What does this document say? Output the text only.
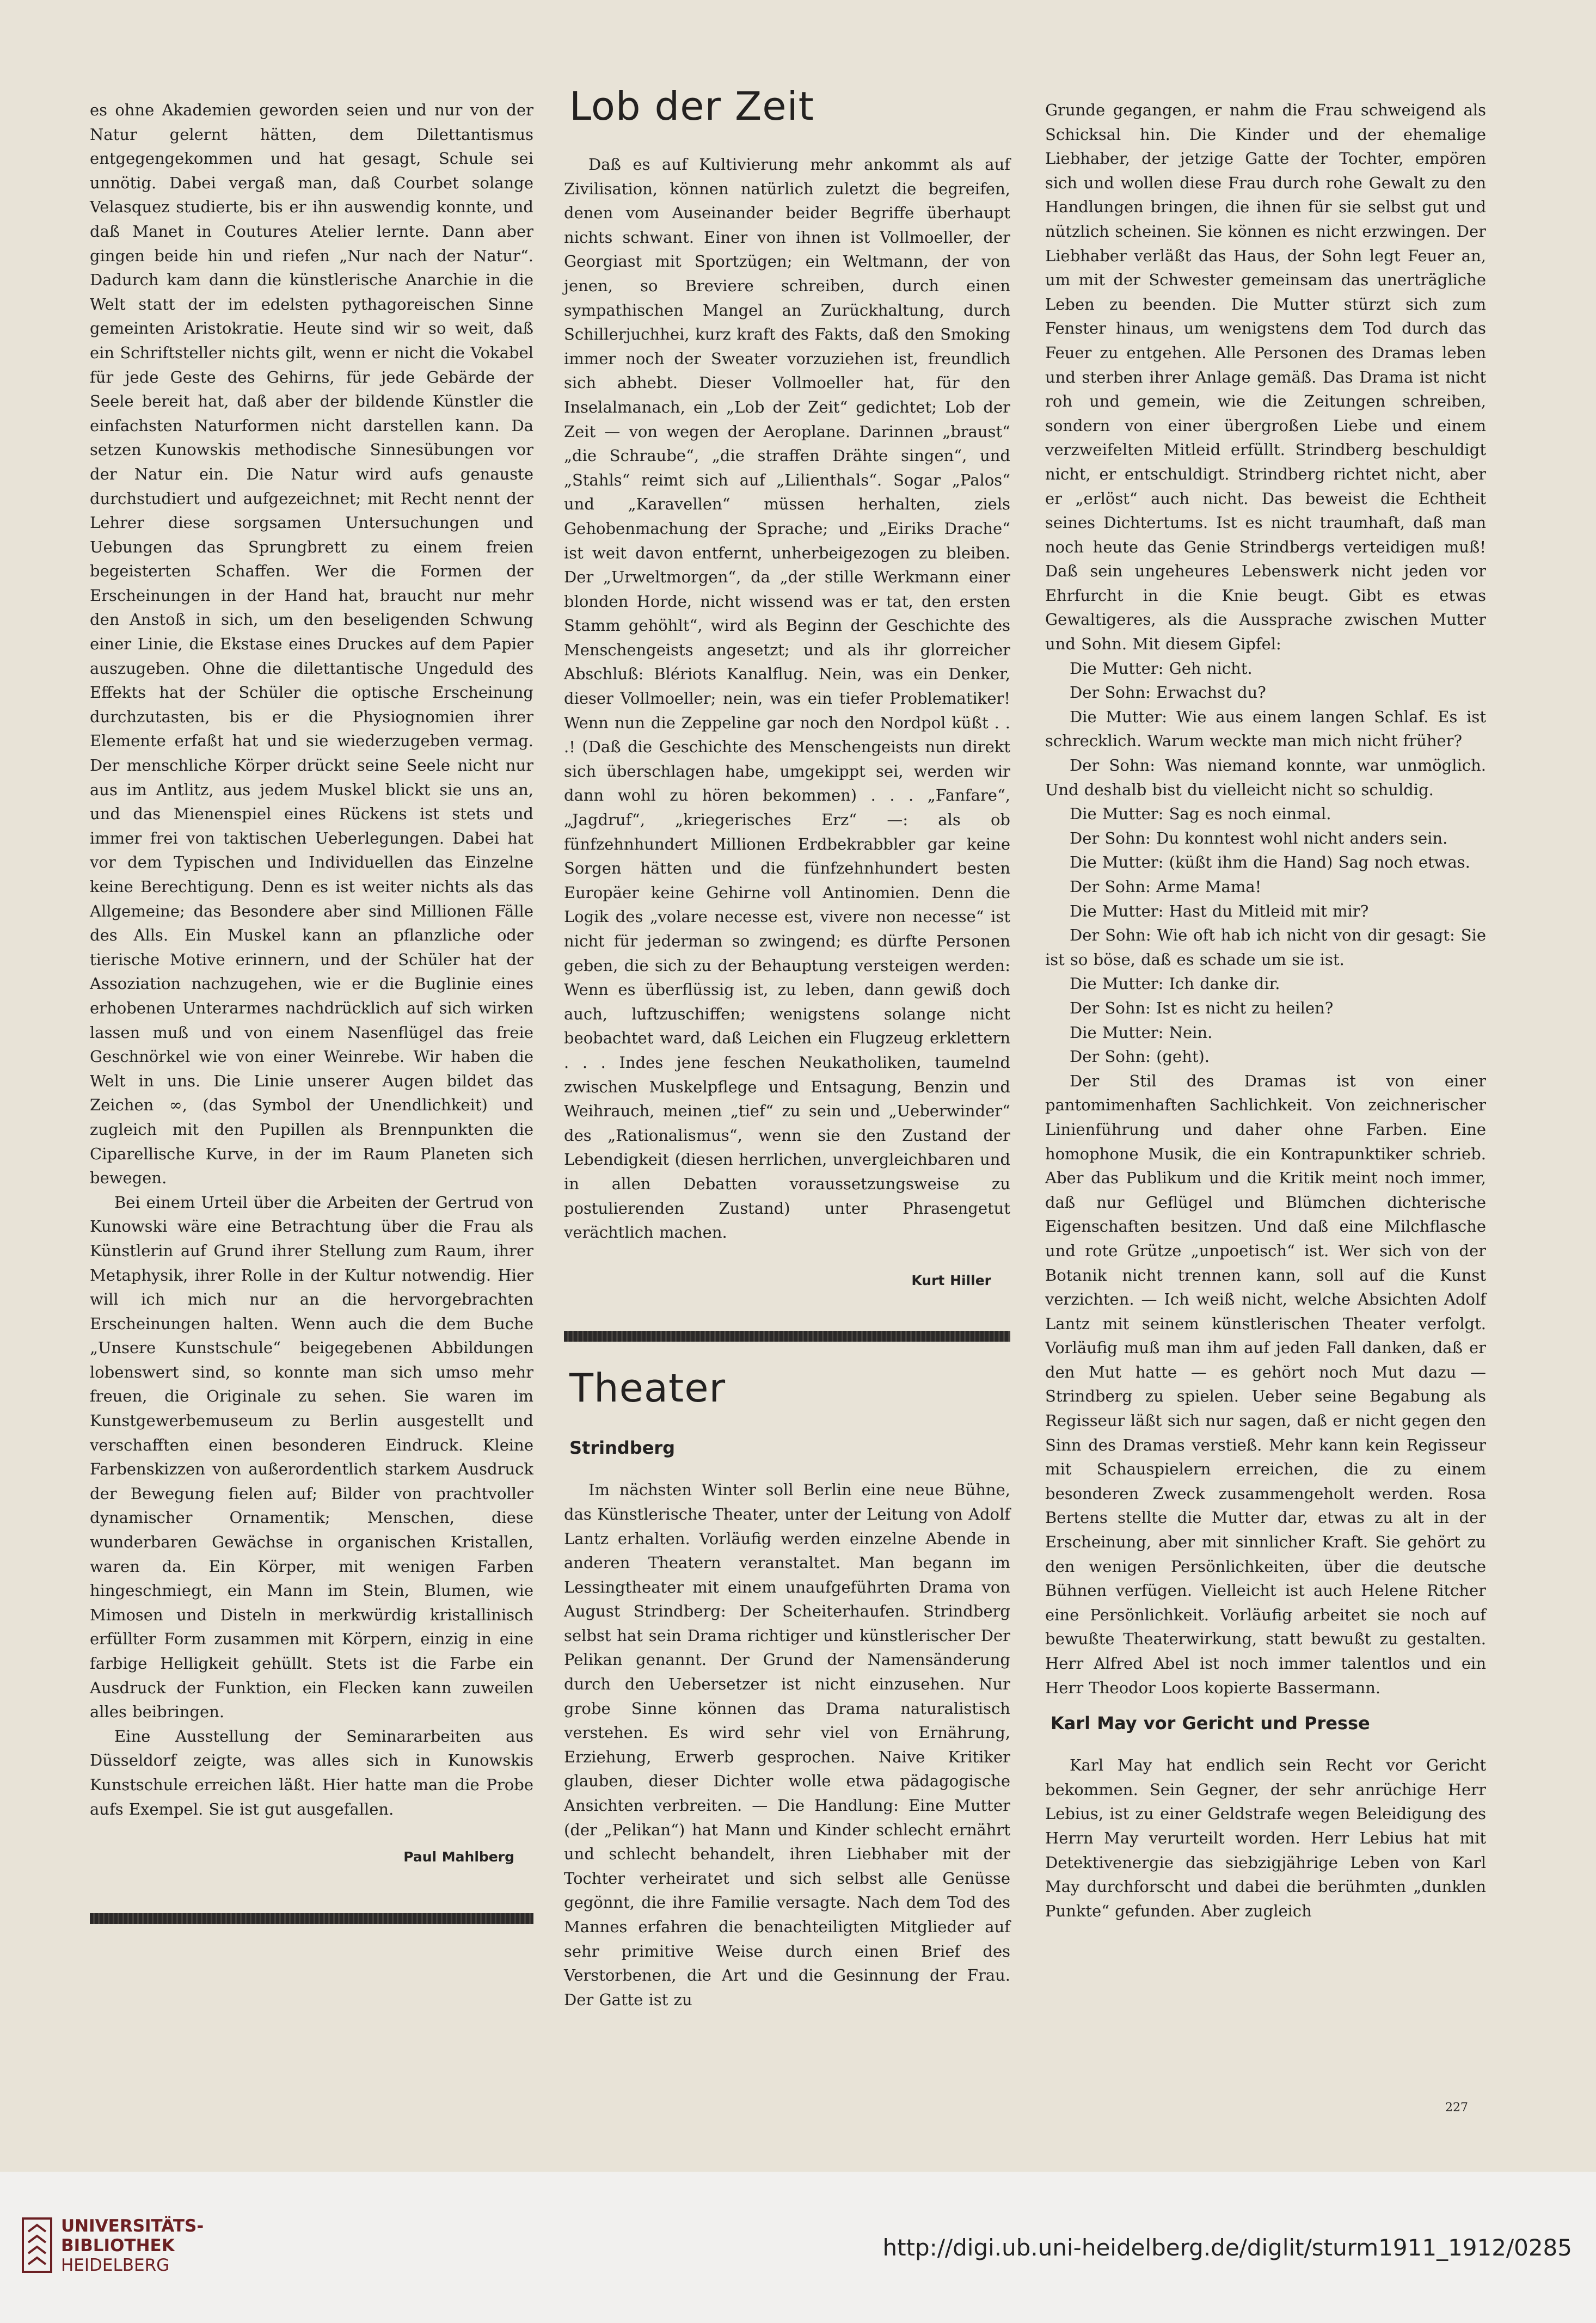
es ohne Akademien geworden seien und nur von der Natur gelernt hätten, dem Dilettantismus entgegengekommen und hat gesagt, Schule sei unnötig. Dabei vergaß man, daß Courbet solange Velasquez studierte, bis er ihn auswendig konnte, und daß Manet in Coutures Atelier lernte. Dann aber gingen beide hin und riefen „Nur nach der Natur“. Dadurch kam dann die künstlerische Anarchie in die Welt statt der im edelsten pythagoreischen Sinne gemeinten Aristokratie. Heute sind wir so weit, daß ein Schriftsteller nichts gilt, wenn er nicht die Vokabel für jede Geste des Gehirns, für jede Gebärde der Seele bereit hat, daß aber der bildende Künstler die einfachsten Naturformen nicht darstellen kann. Da setzen Kunowskis methodische Sinnesübungen vor der Natur ein. Die Natur wird aufs genauste durchstudiert und aufgezeichnet; mit Recht nennt der Lehrer diese sorgsamen Untersuchungen und Uebungen das Sprungbrett zu einem freien begeisterten Schaffen. Wer die Formen der Erscheinungen in der Hand hat, braucht nur mehr den Anstoß in sich, um den beseligenden Schwung einer Linie, die Ekstase eines Druckes auf dem Papier auszugeben. Ohne die dilettantische Ungeduld des Effekts hat der Schüler die optische Erscheinung durchzutasten, bis er die Physiognomien ihrer Elemente erfaßt hat und sie wiederzugeben vermag. Der menschliche Körper drückt seine Seele nicht nur aus im Antlitz, aus jedem Muskel blickt sie uns an, und das Mienenspiel eines Rückens ist stets und immer frei von taktischen Ueberlegungen. Dabei hat vor dem Typischen und Individuellen das Einzelne keine Berechtigung. Denn es ist weiter nichts als das Allgemeine; das Besondere aber sind Millionen Fälle des Alls. Ein Muskel kann an pflanzliche oder tierische Motive erinnern, und der Schüler hat der Assoziation nachzugehen, wie er die Buglinie eines erhobenen Unterarmes nachdrücklich auf sich wirken lassen muß und von einem Nasenflügel das freie Geschnörkel wie von einer Weinrebe. Wir haben die Welt in uns. Die Linie unserer Augen bildet das Zeichen ∞, (das Symbol der Unendlichkeit) und zugleich mit den Pupillen als Brennpunkten die Ciparellische Kurve, in der im Raum Planeten sich bewegen.

Bei einem Urteil über die Arbeiten der Gertrud von Kunowski wäre eine Betrachtung über die Frau als Künstlerin auf Grund ihrer Stellung zum Raum, ihrer Metaphysik, ihrer Rolle in der Kultur notwendig. Hier will ich mich nur an die hervorgebrachten Erscheinungen halten. Wenn auch die dem Buche „Unsere Kunstschule“ beigegebenen Abbildungen lobenswert sind, so konnte man sich umso mehr freuen, die Originale zu sehen. Sie waren im Kunstgewerbemuseum zu Berlin ausgestellt und verschafften einen besonderen Eindruck. Kleine Farbenskizzen von außerordentlich starkem Ausdruck der Bewegung fielen auf; Bilder von prachtvoller dynamischer Ornamentik; Menschen, diese wunderbaren Gewächse in organischen Kristallen, waren da. Ein Körper, mit wenigen Farben hingeschmiegt, ein Mann im Stein, Blumen, wie Mimosen und Disteln in merkwürdig kristallinisch erfüllter Form zusammen mit Körpern, einzig in eine farbige Helligkeit gehüllt. Stets ist die Farbe ein Ausdruck der Funktion, ein Flecken kann zuweilen alles beibringen.

Eine Ausstellung der Seminararbeiten aus Düsseldorf zeigte, was alles sich in Kunowskis Kunstschule erreichen läßt. Hier hatte man die Probe aufs Exempel. Sie ist gut ausgefallen.

Paul Mahlberg
Lob der Zeit

Daß es auf Kultivierung mehr ankommt als auf Zivilisation, können natürlich zuletzt die begreifen, denen vom Auseinander beider Begriffe überhaupt nichts schwant. Einer von ihnen ist Vollmoeller, der Georgiast mit Sportzügen; ein Weltmann, der von jenen, so Breviere schreiben, durch einen sympathischen Mangel an Zurückhaltung, durch Schillerjuchhei, kurz kraft des Fakts, daß den Smoking immer noch der Sweater vorzuziehen ist, freundlich sich abhebt. Dieser Vollmoeller hat, für den Inselalmanach, ein „Lob der Zeit“ gedichtet; Lob der Zeit — von wegen der Aeroplane. Darinnen „braust“ „die Schraube“, „die straffen Drähte singen“, und „Stahls“ reimt sich auf „Lilienthals“. Sogar „Palos“ und „Karavellen“ müssen herhalten, ziels Gehobenmachung der Sprache; und „Eiriks Drache“ ist weit davon entfernt, unherbeigezogen zu bleiben. Der „Urweltmorgen“, da „der stille Werkmann einer blonden Horde, nicht wissend was er tat, den ersten Stamm gehöhlt“, wird als Beginn der Geschichte des Menschengeists angesetzt; und als ihr glorreicher Abschluß: Blériots Kanalflug. Nein, was ein Denker, dieser Vollmoeller; nein, was ein tiefer Problematiker! Wenn nun die Zeppeline gar noch den Nordpol küßt . . .! (Daß die Geschichte des Menschengeists nun direkt sich überschlagen habe, umgekippt sei, werden wir dann wohl zu hören bekommen) . . . „Fanfare“, „Jagdruf“, „kriegerisches Erz“ —: als ob fünfzehnhundert Millionen Erdbekrabbler gar keine Sorgen hätten und die fünfzehnhundert besten Europäer keine Gehirne voll Antinomien. Denn die Logik des „volare necesse est, vivere non necesse“ ist nicht für jederman so zwingend; es dürfte Personen geben, die sich zu der Behauptung versteigen werden: Wenn es überflüssig ist, zu leben, dann gewiß doch auch, luftzuschiffen; wenigstens solange nicht beobachtet ward, daß Leichen ein Flugzeug erklettern . . . Indes jene feschen Neukatholiken, taumelnd zwischen Muskelpflege und Entsagung, Benzin und Weihrauch, meinen „tief“ zu sein und „Ueberwinder“ des „Rationalismus“, wenn sie den Zustand der Lebendigkeit (diesen herrlichen, unvergleichbaren und in allen Debatten voraussetzungsweise zu postulierenden Zustand) unter Phrasengetut verächtlich machen.

Kurt Hiller
Theater
Strindberg

Im nächsten Winter soll Berlin eine neue Bühne, das Künstlerische Theater, unter der Leitung von Adolf Lantz erhalten. Vorläufig werden einzelne Abende in anderen Theatern veranstaltet. Man begann im Lessingtheater mit einem unaufgeführten Drama von August Strindberg: Der Scheiterhaufen. Strindberg selbst hat sein Drama richtiger und künstlerischer Der Pelikan genannt. Der Grund der Namensänderung durch den Uebersetzer ist nicht einzusehen. Nur grobe Sinne können das Drama naturalistisch verstehen. Es wird sehr viel von Ernährung, Erziehung, Erwerb gesprochen. Naive Kritiker glauben, dieser Dichter wolle etwa pädagogische Ansichten verbreiten. — Die Handlung: Eine Mutter (der „Pelikan“) hat Mann und Kinder schlecht ernährt und schlecht behandelt, ihren Liebhaber mit der Tochter verheiratet und sich selbst alle Genüsse gegönnt, die ihre Familie versagte. Nach dem Tod des Mannes erfahren die benachteiligten Mitglieder auf sehr primitive Weise durch einen Brief des Verstorbenen, die Art und die Gesinnung der Frau. Der Gatte ist zu

Grunde gegangen, er nahm die Frau schweigend als Schicksal hin. Die Kinder und der ehemalige Liebhaber, der jetzige Gatte der Tochter, empören sich und wollen diese Frau durch rohe Gewalt zu den Handlungen bringen, die ihnen für sie selbst gut und nützlich scheinen. Sie können es nicht erzwingen. Der Liebhaber verläßt das Haus, der Sohn legt Feuer an, um mit der Schwester gemeinsam das unerträgliche Leben zu beenden. Die Mutter stürzt sich zum Fenster hinaus, um wenigstens dem Tod durch das Feuer zu entgehen. Alle Personen des Dramas leben und sterben ihrer Anlage gemäß. Das Drama ist nicht roh und gemein, wie die Zeitungen schreiben, sondern von einer übergroßen Liebe und einem verzweifelten Mitleid erfüllt. Strindberg beschuldigt nicht, er entschuldigt. Strindberg richtet nicht, aber er „erlöst“ auch nicht. Das beweist die Echtheit seines Dichtertums. Ist es nicht traumhaft, daß man noch heute das Genie Strindbergs verteidigen muß! Daß sein ungeheures Lebenswerk nicht jeden vor Ehrfurcht in die Knie beugt. Gibt es etwas Gewaltigeres, als die Aussprache zwischen Mutter und Sohn. Mit diesem Gipfel:

Die Mutter: Geh nicht.

Der Sohn: Erwachst du?

Die Mutter: Wie aus einem langen Schlaf. Es ist schrecklich. Warum weckte man mich nicht früher?

Der Sohn: Was niemand konnte, war unmöglich. Und deshalb bist du vielleicht nicht so schuldig.

Die Mutter: Sag es noch einmal.

Der Sohn: Du konntest wohl nicht anders sein.

Die Mutter: (küßt ihm die Hand) Sag noch etwas.

Der Sohn: Arme Mama!

Die Mutter: Hast du Mitleid mit mir?

Der Sohn: Wie oft hab ich nicht von dir gesagt: Sie ist so böse, daß es schade um sie ist.

Die Mutter: Ich danke dir.

Der Sohn: Ist es nicht zu heilen?

Die Mutter: Nein.

Der Sohn: (geht).

Der Stil des Dramas ist von einer pantomimenhaften Sachlichkeit. Von zeichnerischer Linienführung und daher ohne Farben. Eine homophone Musik, die ein Kontrapunktiker schrieb. Aber das Publikum und die Kritik meint noch immer, daß nur Geflügel und Blümchen dichterische Eigenschaften besitzen. Und daß eine Milchflasche und rote Grütze „unpoetisch“ ist. Wer sich von der Botanik nicht trennen kann, soll auf die Kunst verzichten. — Ich weiß nicht, welche Absichten Adolf Lantz mit seinem künstlerischen Theater verfolgt. Vorläufig muß man ihm auf jeden Fall danken, daß er den Mut hatte — es gehört noch Mut dazu — Strindberg zu spielen. Ueber seine Begabung als Regisseur läßt sich nur sagen, daß er nicht gegen den Sinn des Dramas verstieß. Mehr kann kein Regisseur mit Schauspielern erreichen, die zu einem besonderen Zweck zusammengeholt werden. Rosa Bertens stellte die Mutter dar, etwas zu alt in der Erscheinung, aber mit sinnlicher Kraft. Sie gehört zu den wenigen Persönlichkeiten, über die deutsche Bühnen verfügen. Vielleicht ist auch Helene Ritcher eine Persönlichkeit. Vorläufig arbeitet sie noch auf bewußte Theaterwirkung, statt bewußt zu gestalten. Herr Alfred Abel ist noch immer talentlos und ein Herr Theodor Loos kopierte Bassermann.

Karl May vor Gericht und Presse

Karl May hat endlich sein Recht vor Gericht bekommen. Sein Gegner, der sehr anrüchige Herr Lebius, ist zu einer Geldstrafe wegen Beleidigung des Herrn May verurteilt worden. Herr Lebius hat mit Detektivenergie das siebzigjährige Leben von Karl May durchforscht und dabei die berühmten „dunklen Punkte“ gefunden. Aber zugleich

227
UNIVERSITÄTS-
BIBLIOTHEK
HEIDELBERG
http://digi.ub.uni-heidelberg.de/diglit/sturm1911_1912/0285
